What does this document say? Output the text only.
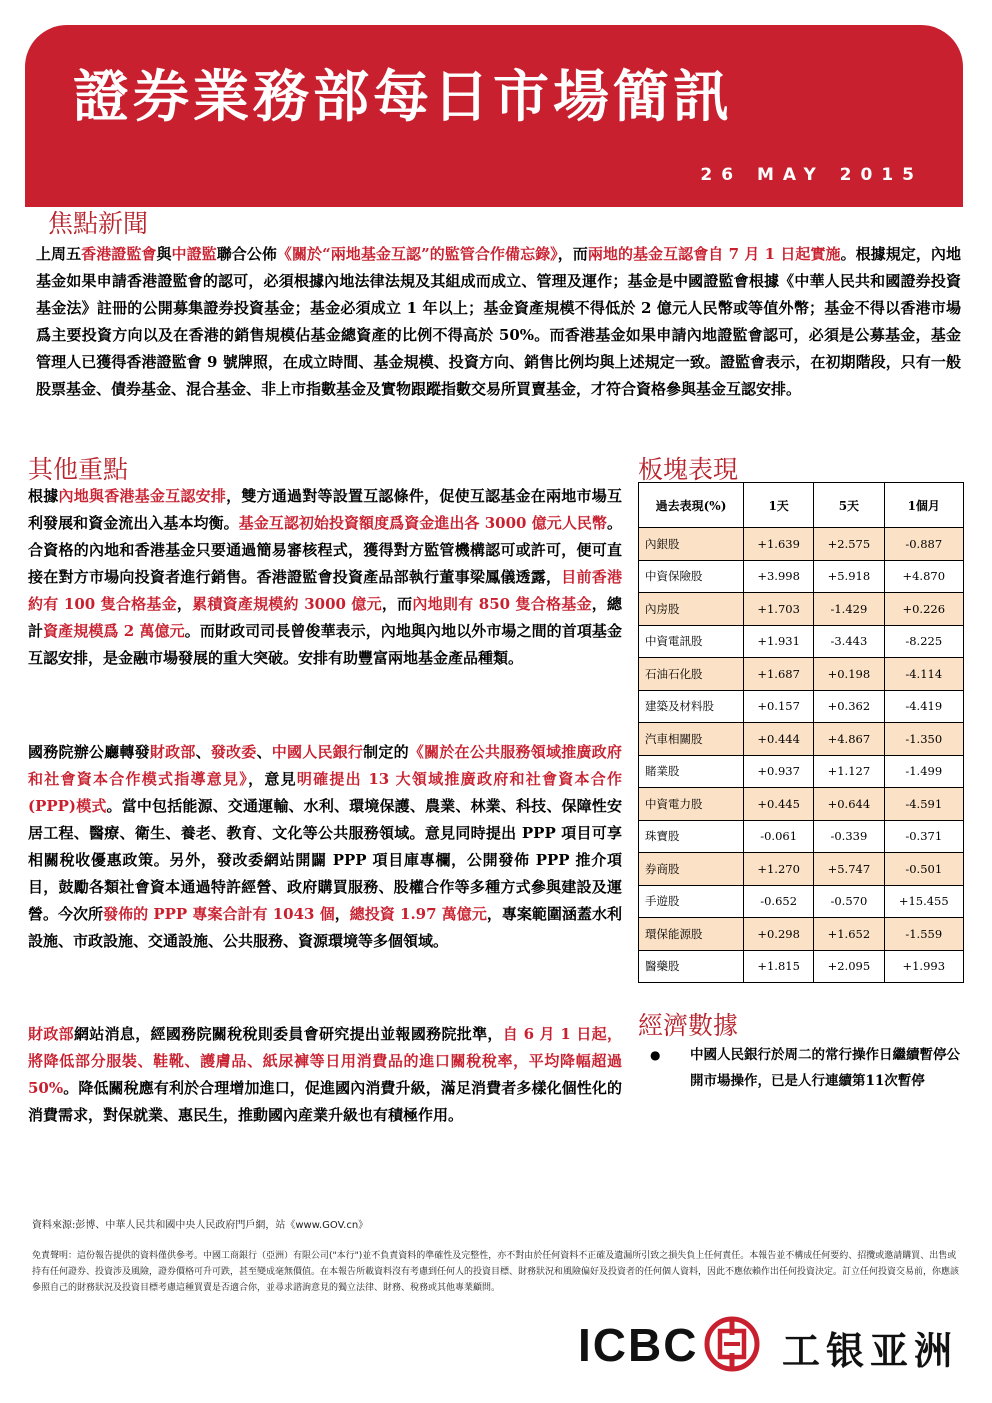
證券業務部每日市場簡訊
26 MAY 2015
焦點新聞
上周五香港證監會與中證監聯合公佈《關於“兩地基金互認”的監管合作備忘錄》，而兩地的基金互認會自 7 月 1 日起實施。根據規定，內地基金如果申請香港證監會的認可，必須根據內地法律法規及其組成而成立、管理及運作；基金是中國證監會根據《中華人民共和國證券投資基金法》註冊的公開募集證券投資基金；基金必須成立 1 年以上；基金資產規模不得低於 2 億元人民幣或等值外幣；基金不得以香港市場爲主要投資方向以及在香港的銷售規模佔基金總資產的比例不得高於 50%。而香港基金如果申請內地證監會認可，必須是公募基金，基金管理人已獲得香港證監會 9 號牌照，在成立時間、基金規模、投資方向、銷售比例均與上述規定一致。證監會表示，在初期階段，只有一般股票基金、債券基金、混合基金、非上市指數基金及實物跟蹤指數交易所買賣基金，才符合資格參與基金互認安排。
其他重點
根據內地與香港基金互認安排，雙方通過對等設置互認條件，促使互認基金在兩地市場互利發展和資金流出入基本均衡。基金互認初始投資額度爲資金進出各 3000 億元人民幣。合資格的內地和香港基金只要通過簡易審核程式，獲得對方監管機構認可或許可，便可直接在對方市場向投資者進行銷售。香港證監會投資產品部執行董事梁鳳儀透露，目前香港約有 100 隻合格基金，累積資產規模約 3000 億元，而內地則有 850 隻合格基金，總計資產規模爲 2 萬億元。而財政司司長曾俊華表示，內地與內地以外市場之間的首項基金互認安排，是金融市場發展的重大突破。安排有助豐富兩地基金產品種類。
國務院辦公廳轉發財政部、發改委、中國人民銀行制定的《關於在公共服務領域推廣政府和社會資本合作模式指導意見》，意見明確提出 13 大領域推廣政府和社會資本合作(PPP)模式。當中包括能源、交通運輸、水利、環境保護、農業、林業、科技、保障性安居工程、醫療、衛生、養老、教育、文化等公共服務領域。意見同時提出 PPP 項目可享相關稅收優惠政策。另外，發改委網站開闢 PPP 項目庫專欄，公開發佈 PPP 推介項目，鼓勵各類社會資本通過特許經營、政府購買服務、股權合作等多種方式參與建設及運營。今次所發佈的 PPP 專案合計有 1043 個，總投資 1.97 萬億元，專案範圍涵蓋水利設施、市政設施、交通設施、公共服務、資源環境等多個領域。
財政部網站消息，經國務院關稅稅則委員會研究提出並報國務院批準，自 6 月 1 日起，將降低部分服裝、鞋靴、護膚品、紙尿褲等日用消費品的進口關稅稅率，平均降幅超過 50%。降低關稅應有利於合理增加進口，促進國內消費升級，滿足消費者多樣化個性化的消費需求，對保就業、惠民生，推動國內産業升級也有積極作用。
板塊表現
過去表現(%)	1天	5天	1個月
內銀股	+1.639	+2.575	-0.887
中資保險股	+3.998	+5.918	+4.870
內房股	+1.703	-1.429	+0.226
中資電訊股	+1.931	-3.443	-8.225
石油石化股	+1.687	+0.198	-4.114
建築及材料股	+0.157	+0.362	-4.419
汽車相關股	+0.444	+4.867	-1.350
賭業股	+0.937	+1.127	-1.499
中資電力股	+0.445	+0.644	-4.591
珠寶股	-0.061	-0.339	-0.371
券商股	+1.270	+5.747	-0.501
手遊股	-0.652	-0.570	+15.455
環保能源股	+0.298	+1.652	-1.559
醫藥股	+1.815	+2.095	+1.993
經濟數據
● 中國人民銀行於周二的常行操作日繼續暫停公開市場操作，已是人行連續第11次暫停
資料來源:彭博、中華人民共和國中央人民政府門戶網，站《www.GOV.cn》
免責聲明：這份報告提供的資料僅供參考。中國工商銀行（亞洲）有限公司("本行")並不負責資料的準確性及完整性，亦不對由於任何資料不正確及遺漏所引致之損失負上任何責任。本報告並不構成任何要約、招攬或邀請購買、出售或持有任何證券、投資涉及風險，證券價格可升可跌，甚至變成毫無價值。在本報告所載資料沒有考慮到任何人的投資目標、財務狀況和風險偏好及投資者的任何個人資料，因此不應依賴作出任何投資決定。訂立任何投資交易前，你應該參照自己的財務狀況及投資目標考慮這種買賣是否適合你，並尋求諮詢意見的獨立法律、財務、稅務或其他專業顧問。
ICBC 工银亚洲
